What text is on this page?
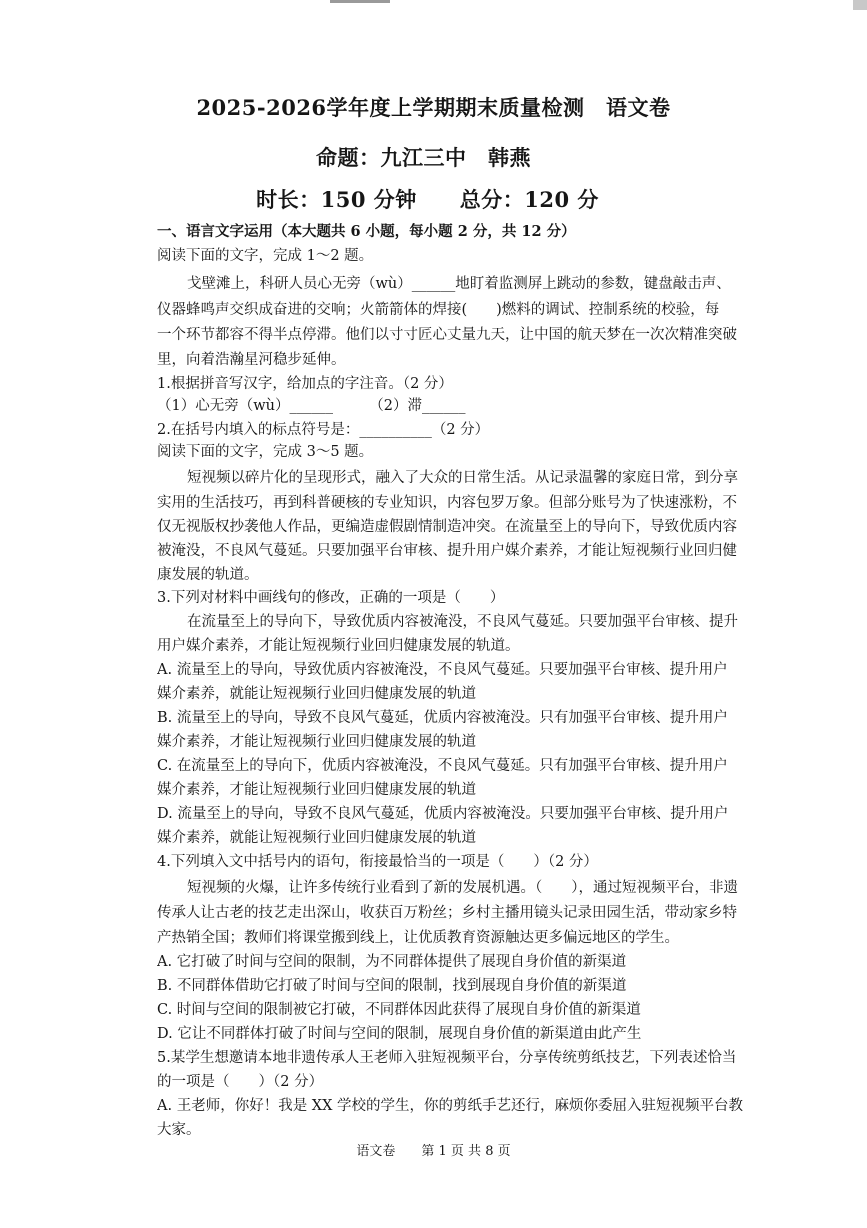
2025-2026学年度上学期期末质量检测　语文卷
命题：九江三中　韩燕
时长：150 分钟　　总分：120 分
一、语言文字运用（本大题共 6 小题，每小题 2 分，共 12 分）
阅读下面的文字，完成 1～2 题。
戈壁滩上，科研人员心无旁（wù）______地盯着监测屏上跳动的参数，键盘敲击声、
仪器蜂鸣声交织成奋进的交响；火箭箭体的焊接(　　)燃料的调试、控制系统的校验，每
一个环节都容不得半点停滞。他们以寸寸匠心丈量九天，让中国的航天梦在一次次精准突破
里，向着浩瀚星河稳步延伸。
1.根据拼音写汉字，给加点的字注音。（2 分）
（1）心无旁（wù）______　　　（2）滞______
2.在括号内填入的标点符号是：__________（2 分）
阅读下面的文字，完成 3～5 题。
短视频以碎片化的呈现形式，融入了大众的日常生活。从记录温馨的家庭日常，到分享
实用的生活技巧，再到科普硬核的专业知识，内容包罗万象。但部分账号为了快速涨粉，不
仅无视版权抄袭他人作品，更编造虚假剧情制造冲突。在流量至上的导向下，导致优质内容
被淹没，不良风气蔓延。只要加强平台审核、提升用户媒介素养，才能让短视频行业回归健
康发展的轨道。
3.下列对材料中画线句的修改，正确的一项是（　　）
在流量至上的导向下，导致优质内容被淹没，不良风气蔓延。只要加强平台审核、提升
用户媒介素养，才能让短视频行业回归健康发展的轨道。
A. 流量至上的导向，导致优质内容被淹没，不良风气蔓延。只要加强平台审核、提升用户
媒介素养，就能让短视频行业回归健康发展的轨道
B. 流量至上的导向，导致不良风气蔓延，优质内容被淹没。只有加强平台审核、提升用户
媒介素养，才能让短视频行业回归健康发展的轨道
C. 在流量至上的导向下，优质内容被淹没，不良风气蔓延。只有加强平台审核、提升用户
媒介素养，才能让短视频行业回归健康发展的轨道
D. 流量至上的导向，导致不良风气蔓延，优质内容被淹没。只要加强平台审核、提升用户
媒介素养，就能让短视频行业回归健康发展的轨道
4.下列填入文中括号内的语句，衔接最恰当的一项是（　　）（2 分）
短视频的火爆，让许多传统行业看到了新的发展机遇。（　　），通过短视频平台，非遗
传承人让古老的技艺走出深山，收获百万粉丝；乡村主播用镜头记录田园生活，带动家乡特
产热销全国；教师们将课堂搬到线上，让优质教育资源触达更多偏远地区的学生。
A. 它打破了时间与空间的限制，为不同群体提供了展现自身价值的新渠道
B. 不同群体借助它打破了时间与空间的限制，找到展现自身价值的新渠道
C. 时间与空间的限制被它打破，不同群体因此获得了展现自身价值的新渠道
D. 它让不同群体打破了时间与空间的限制，展现自身价值的新渠道由此产生
5.某学生想邀请本地非遗传承人王老师入驻短视频平台，分享传统剪纸技艺，下列表述恰当
的一项是（　　）（2 分）
A. 王老师，你好！我是 XX 学校的学生，你的剪纸手艺还行，麻烦你委屈入驻短视频平台教
大家。
语文卷　　第 1 页 共 8 页
